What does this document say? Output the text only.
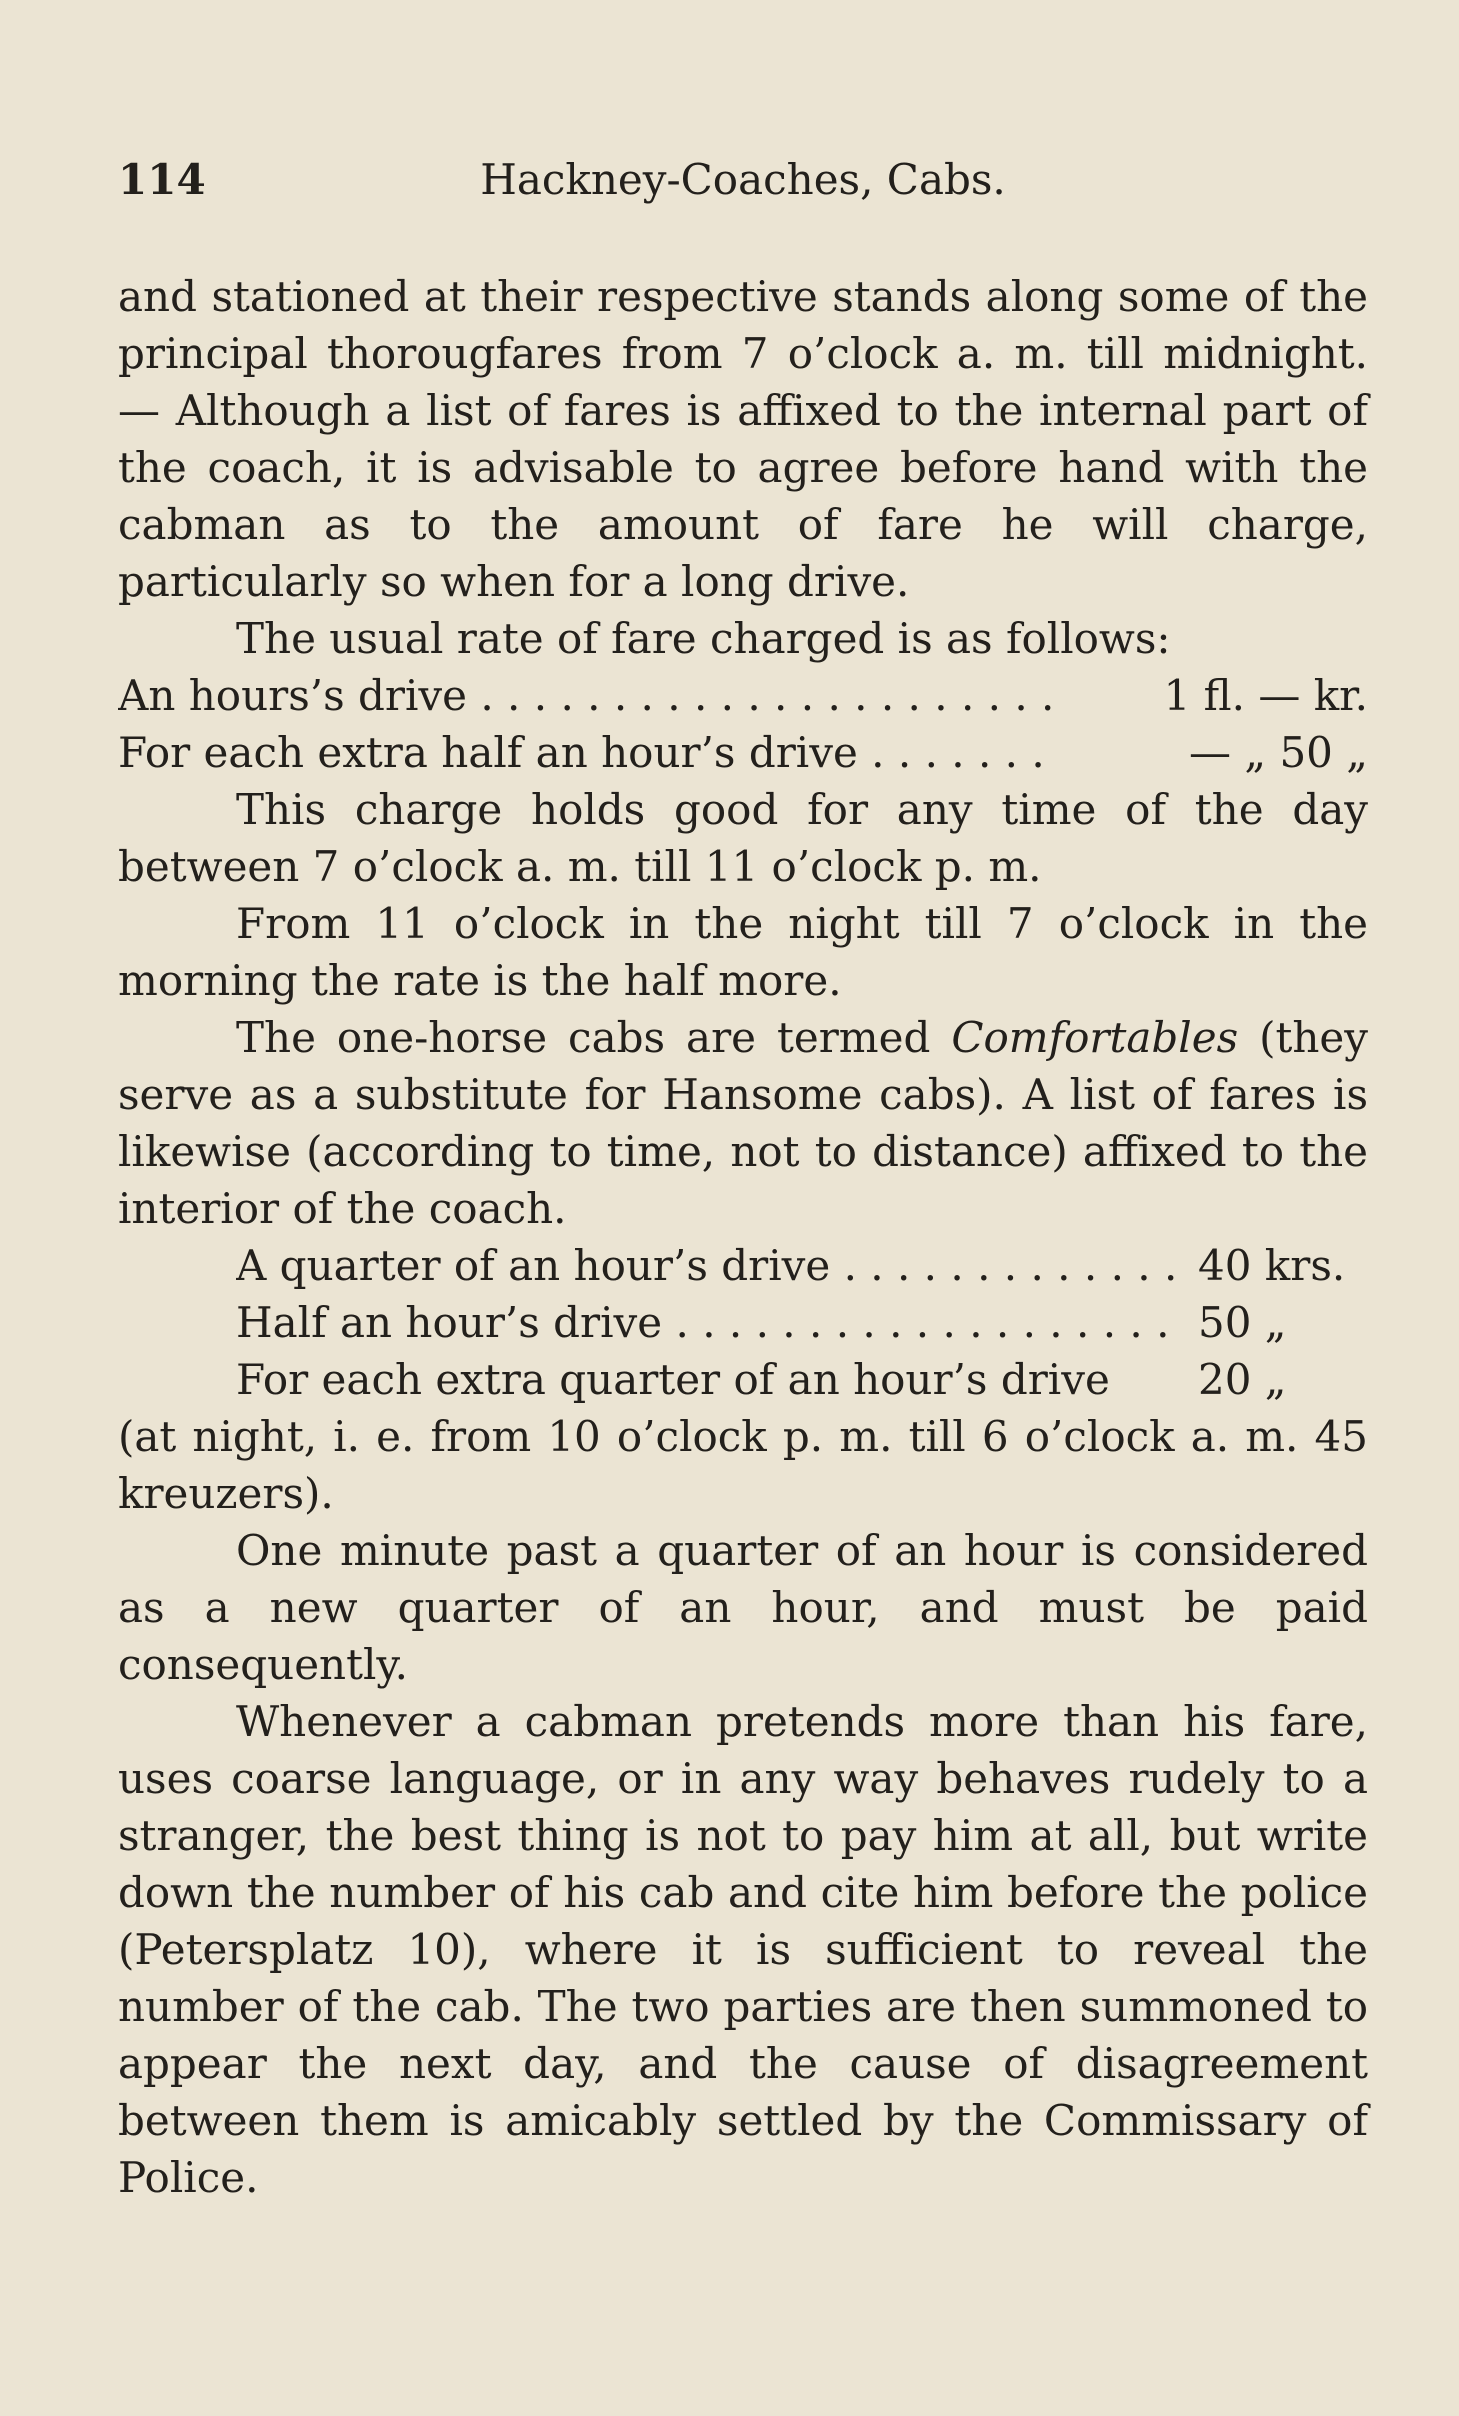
114	Hackney-Coaches, Cabs.

and stationed at their respective stands along some of the principal thorougfares from 7 o’clock a. m. till midnight. — Although a list of fares is affixed to the internal part of the coach, it is advisable to agree before hand with the cabman as to the amount of fare he will charge, particularly so when for a long drive.

The usual rate of fare charged is as follows:

An hours’s drive . . .	1 fl. — kr.
For each extra half an hour’s drive . . .	— „ 50 „

This charge holds good for any time of the day between 7 o’clock a. m. till 11 o’clock p. m.

From 11 o’clock in the night till 7 o’clock in the morning the rate is the half more.

The one-horse cabs are termed Comfortables (they serve as a substitute for Hansome cabs). A list of fares is likewise (according to time, not to distance) affixed to the interior of the coach.

A quarter of an hour’s drive . . .	40 krs.
Half an hour’s drive . . .	50 „
For each extra quarter of an hour’s drive	20 „

(at night, i. e. from 10 o’clock p. m. till 6 o’clock a. m. 45 kreuzers).

One minute past a quarter of an hour is considered as a new quarter of an hour, and must be paid consequently.

Whenever a cabman pretends more than his fare, uses coarse language, or in any way behaves rudely to a stranger, the best thing is not to pay him at all, but write down the number of his cab and cite him before the police (Petersplatz 10), where it is sufficient to reveal the number of the cab. The two parties are then summoned to appear the next day, and the cause of disagreement between them is amicably settled by the Commissary of Police.
